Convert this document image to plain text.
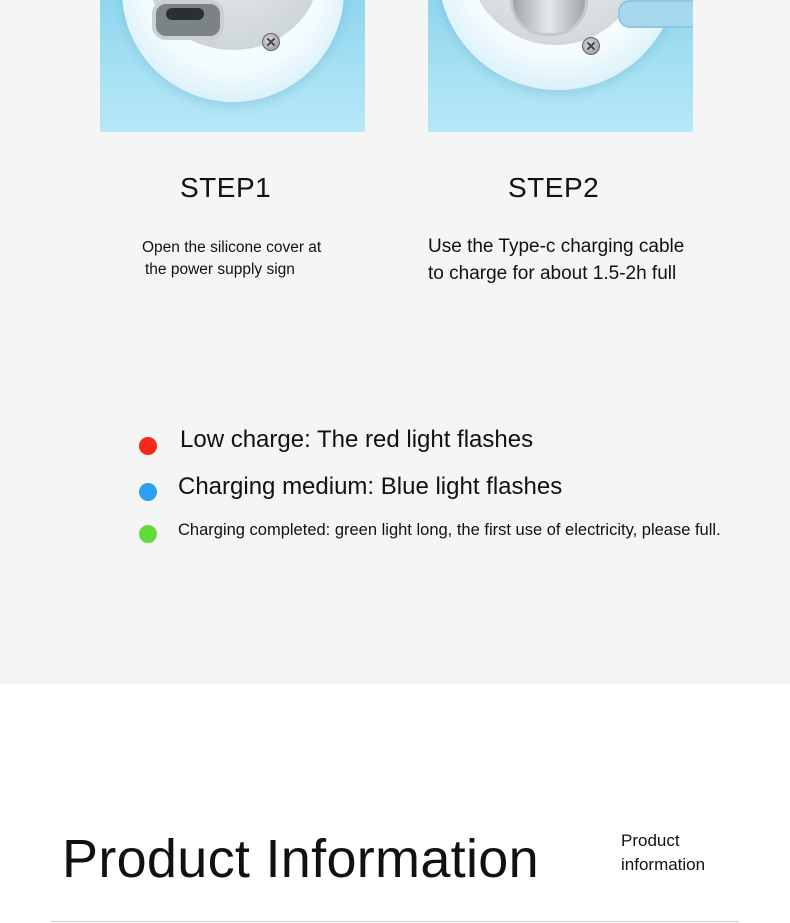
STEP1	STEP2
Open the silicone cover at
the power supply sign
Use the Type-c charging cable
to charge for about 1.5-2h full
Low charge: The red light flashes
Charging medium: Blue light flashes
Charging completed: green light long, the first use of electricity, please full.
Product Information	Product
information
